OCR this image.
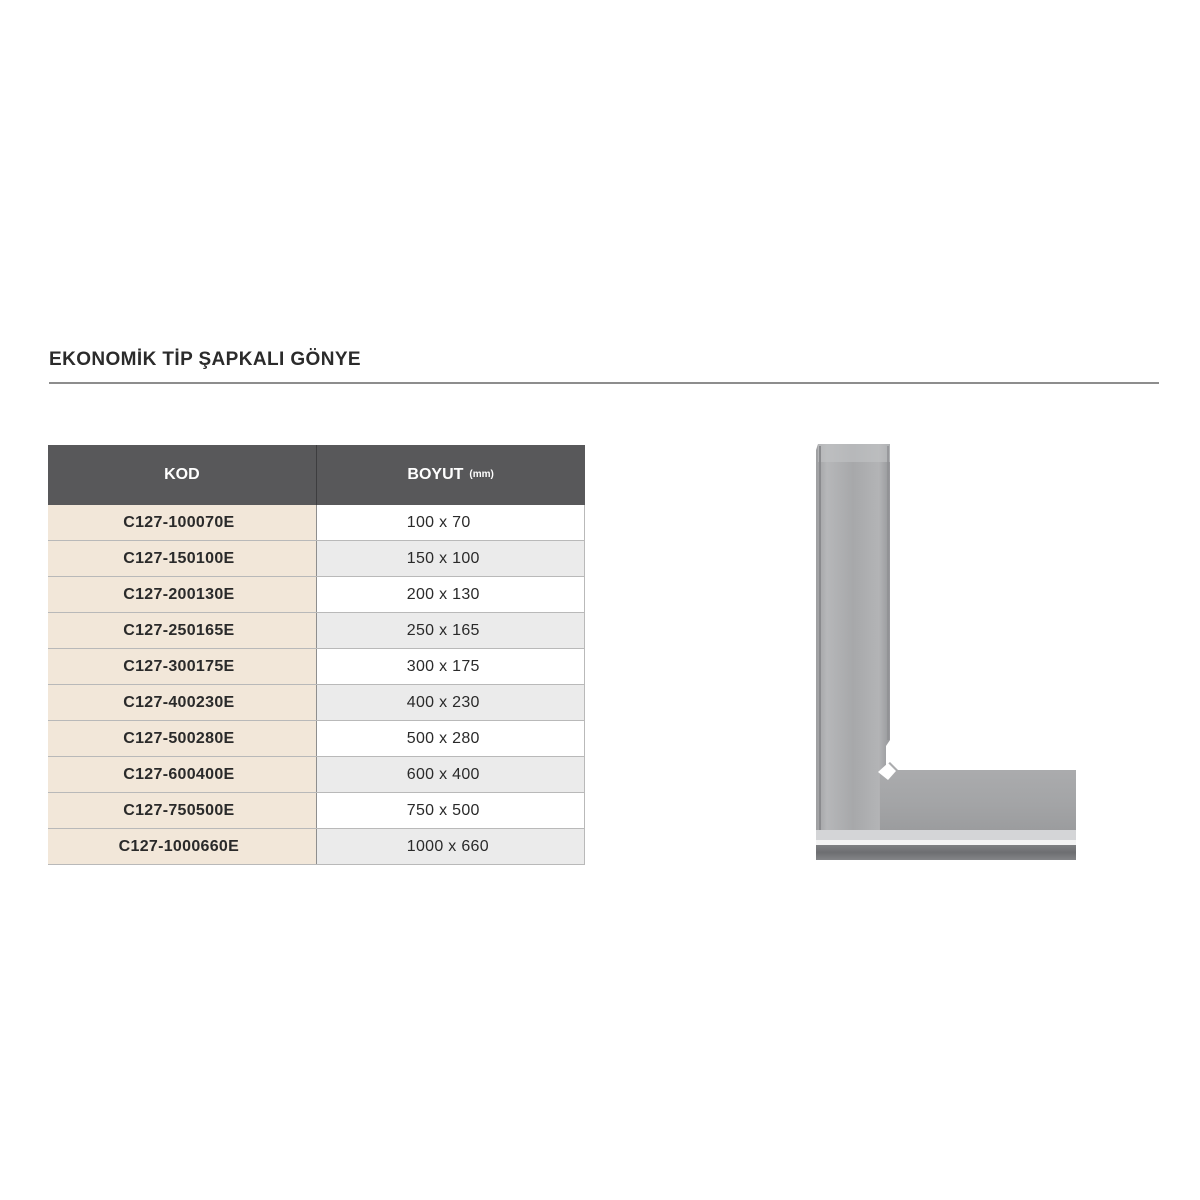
EKONOMİK TİP ŞAPKALI GÖNYE
KOD	BOYUT (mm)
C127-100070E	100 x 70
C127-150100E	150 x 100
C127-200130E	200 x 130
C127-250165E	250 x 165
C127-300175E	300 x 175
C127-400230E	400 x 230
C127-500280E	500 x 280
C127-600400E	600 x 400
C127-750500E	750 x 500
C127-1000660E	1000 x 660
